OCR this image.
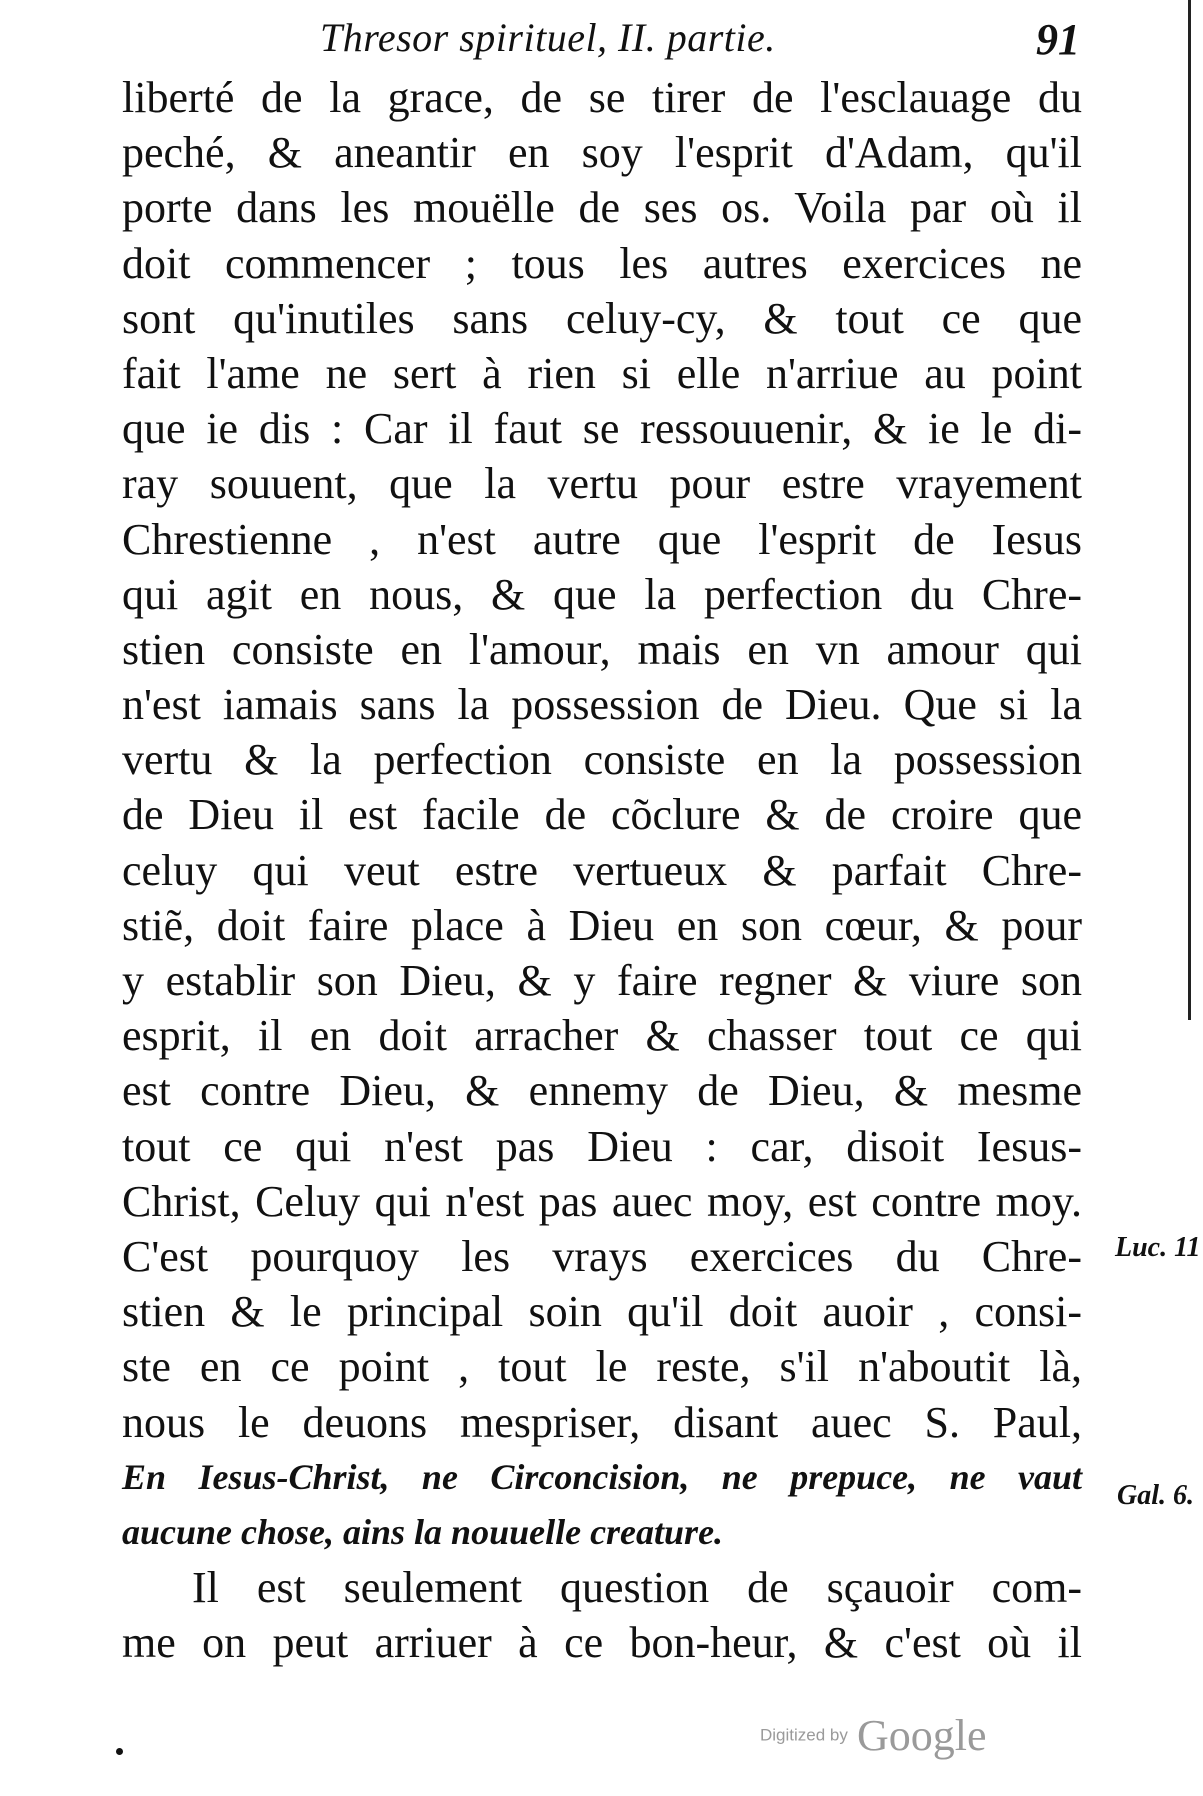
Thresor spirituel, II. partie.	91
liberté de la grace, de se tirer de l'esclauage du
peché, & aneantir en soy l'esprit d'Adam, qu'il
porte dans les mouëlle de ses os. Voila par où il
doit commencer ; tous les autres exercices ne
sont qu'inutiles sans celuy-cy, & tout ce que
fait l'ame ne sert à rien si elle n'arriue au point
que ie dis : Car il faut se ressouuenir, & ie le di-
ray souuent, que la vertu pour estre vrayement
Chrestienne , n'est autre que l'esprit de Iesus
qui agit en nous, & que la perfection du Chre-
stien consiste en l'amour, mais en vn amour qui
n'est iamais sans la possession de Dieu. Que si la
vertu & la perfection consiste en la possession
de Dieu il est facile de cõclure & de croire que
celuy qui veut estre vertueux & parfait Chre-
stiẽ, doit faire place à Dieu en son cœur, & pour
y establir son Dieu, & y faire regner & viure son
esprit, il en doit arracher & chasser tout ce qui
est contre Dieu, & ennemy de Dieu, & mesme
tout ce qui n'est pas Dieu : car, disoit Iesus-
Christ, Celuy qui n'est pas auec moy, est contre moy.
C'est pourquoy les vrays exercices du Chre-
stien & le principal soin qu'il doit auoir , consi-
ste en ce point , tout le reste, s'il n'aboutit là,
nous le deuons mespriser, disant auec S. Paul,
En Iesus-Christ, ne Circoncision, ne prepuce, ne vaut
aucune chose, ains la nouuelle creature.
Il est seulement question de sçauoir com-
me on peut arriuer à ce bon-heur, & c'est où il
Luc. 11
Gal. 6.
Digitized by Google
